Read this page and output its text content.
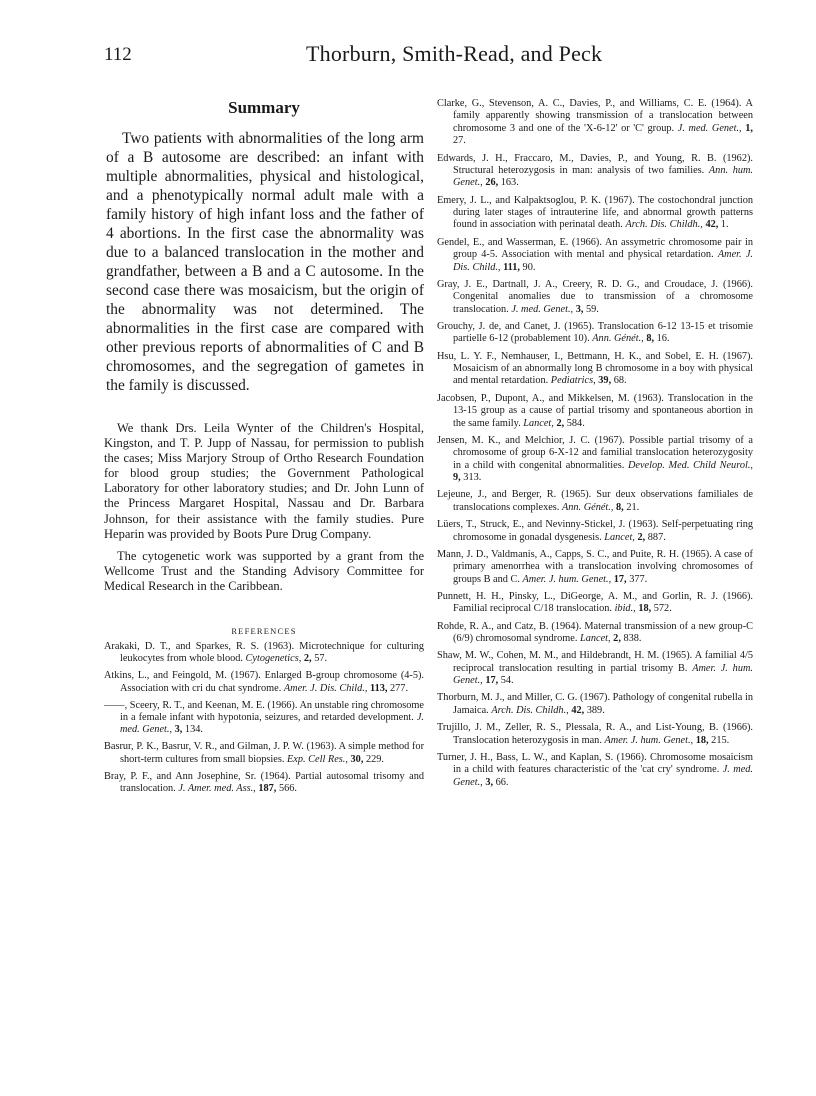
112	Thorburn, Smith-Read, and Peck
Summary

Two patients with abnormalities of the long arm of a B autosome are described: an infant with multiple abnormalities, physical and histological, and a phenotypically normal adult male with a family history of high infant loss and the father of 4 abortions. In the first case the abnormality was due to a balanced translocation in the mother and grandfather, between a B and a C autosome. In the second case there was mosaicism, but the origin of the abnormality was not determined. The abnormalities in the first case are compared with other previous reports of abnormalities of C and B chromosomes, and the segregation of gametes in the family is discussed.

We thank Drs. Leila Wynter of the Children's Hospital, Kingston, and T. P. Jupp of Nassau, for permission to publish the cases; Miss Marjory Stroup of Ortho Research Foundation for blood group studies; the Government Pathological Laboratory for other laboratory studies; and Dr. John Lunn of the Princess Margaret Hospital, Nassau and Dr. Barbara Johnson, for their assistance with the family studies. Pure Heparin was provided by Boots Pure Drug Company.

The cytogenetic work was supported by a grant from the Wellcome Trust and the Standing Advisory Committee for Medical Research in the Caribbean.

REFERENCES
Arakaki, D. T., and Sparkes, R. S. (1963). Microtechnique for culturing leukocytes from whole blood. Cytogenetics, 2, 57.
Atkins, L., and Feingold, M. (1967). Enlarged B-group chromosome (4-5). Association with cri du chat syndrome. Amer. J. Dis. Child., 113, 277.
——, Sceery, R. T., and Keenan, M. E. (1966). An unstable ring chromosome in a female infant with hypotonia, seizures, and retarded development. J. med. Genet., 3, 134.
Basrur, P. K., Basrur, V. R., and Gilman, J. P. W. (1963). A simple method for short-term cultures from small biopsies. Exp. Cell Res., 30, 229.
Bray, P. F., and Ann Josephine, Sr. (1964). Partial autosomal trisomy and translocation. J. Amer. med. Ass., 187, 566.
Clarke, G., Stevenson, A. C., Davies, P., and Williams, C. E. (1964). A family apparently showing transmission of a translocation between chromosome 3 and one of the 'X-6-12' or 'C' group. J. med. Genet., 1, 27.
Edwards, J. H., Fraccaro, M., Davies, P., and Young, R. B. (1962). Structural heterozygosis in man: analysis of two families. Ann. hum. Genet., 26, 163.
Emery, J. L., and Kalpaktsoglou, P. K. (1967). The costochondral junction during later stages of intrauterine life, and abnormal growth patterns found in association with perinatal death. Arch. Dis. Childh., 42, 1.
Gendel, E., and Wasserman, E. (1966). An assymetric chromosome pair in group 4-5. Association with mental and physical retardation. Amer. J. Dis. Child., 111, 90.
Gray, J. E., Dartnall, J. A., Creery, R. D. G., and Croudace, J. (1966). Congenital anomalies due to transmission of a chromosome translocation. J. med. Genet., 3, 59.
Grouchy, J. de, and Canet, J. (1965). Translocation 6-12 13-15 et trisomie partielle 6-12 (probablement 10). Ann. Génét., 8, 16.
Hsu, L. Y. F., Nemhauser, I., Bettmann, H. K., and Sobel, E. H. (1967). Mosaicism of an abnormally long B chromosome in a boy with physical and mental retardation. Pediatrics, 39, 68.
Jacobsen, P., Dupont, A., and Mikkelsen, M. (1963). Translocation in the 13-15 group as a cause of partial trisomy and spontaneous abortion in the same family. Lancet, 2, 584.
Jensen, M. K., and Melchior, J. C. (1967). Possible partial trisomy of a chromosome of group 6-X-12 and familial translocation heterozygosity in a child with congenital abnormalities. Develop. Med. Child Neurol., 9, 313.
Lejeune, J., and Berger, R. (1965). Sur deux observations familiales de translocations complexes. Ann. Génét., 8, 21.
Lüers, T., Struck, E., and Nevinny-Stickel, J. (1963). Self-perpetuating ring chromosome in gonadal dysgenesis. Lancet, 2, 887.
Mann, J. D., Valdmanis, A., Capps, S. C., and Puite, R. H. (1965). A case of primary amenorrhea with a translocation involving chromosomes of groups B and C. Amer. J. hum. Genet., 17, 377.
Punnett, H. H., Pinsky, L., DiGeorge, A. M., and Gorlin, R. J. (1966). Familial reciprocal C/18 translocation. ibid., 18, 572.
Rohde, R. A., and Catz, B. (1964). Maternal transmission of a new group-C (6/9) chromosomal syndrome. Lancet, 2, 838.
Shaw, M. W., Cohen, M. M., and Hildebrandt, H. M. (1965). A familial 4/5 reciprocal translocation resulting in partial trisomy B. Amer. J. hum. Genet., 17, 54.
Thorburn, M. J., and Miller, C. G. (1967). Pathology of congenital rubella in Jamaica. Arch. Dis. Childh., 42, 389.
Trujillo, J. M., Zeller, R. S., Plessala, R. A., and List-Young, B. (1966). Translocation heterozygosis in man. Amer. J. hum. Genet., 18, 215.
Turner, J. H., Bass, L. W., and Kaplan, S. (1966). Chromosome mosaicism in a child with features characteristic of the 'cat cry' syndrome. J. med. Genet., 3, 66.
